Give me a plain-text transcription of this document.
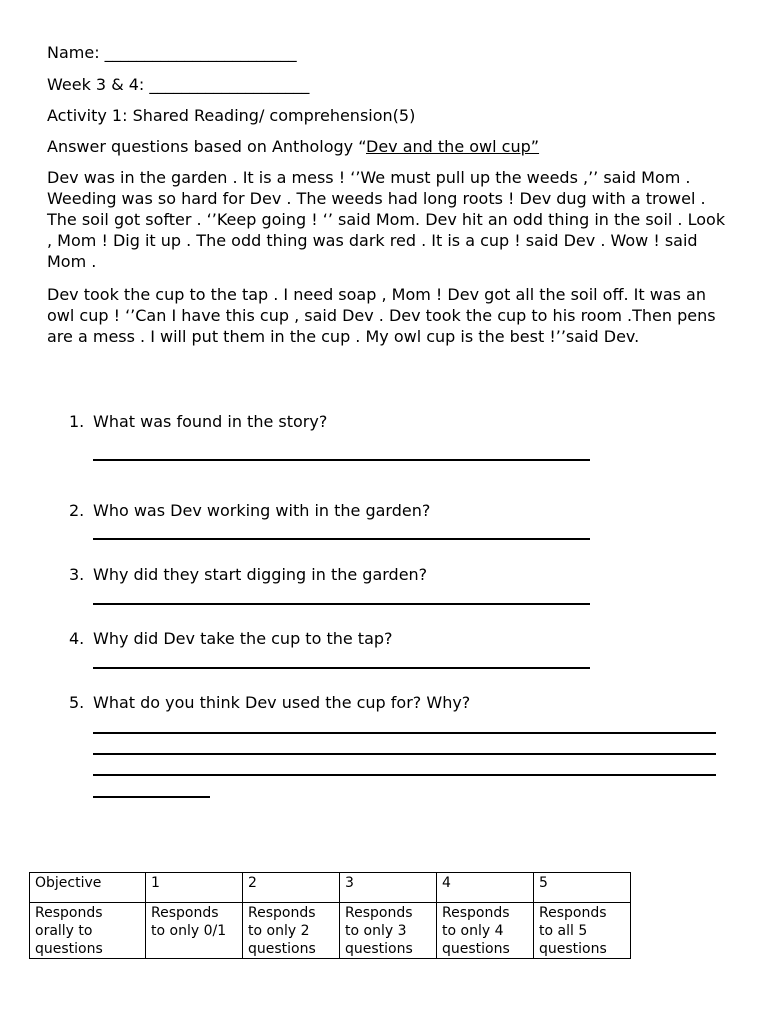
Name: ________________________
Week 3 & 4: ____________________
Activity 1: Shared Reading/ comprehension(5)
Answer questions based on Anthology “Dev and the owl cup”
Dev was in the garden . It is a mess ! ‘’We must pull up the weeds ,’’ said Mom . Weeding was so hard for Dev . The weeds had long roots ! Dev dug with a trowel . The soil got softer . ‘’Keep going ! ‘’ said Mom. Dev hit an odd thing in the soil . Look , Mom ! Dig it up . The odd thing was dark red . It is a cup ! said Dev . Wow ! said Mom .
Dev took the cup to the tap . I need soap , Mom ! Dev got all the soil off. It was an owl cup ! ‘’Can I have this cup , said Dev . Dev took the cup to his room .Then pens are a mess . I will put them in the cup . My owl cup is the best !’’said Dev.
1. What was found in the story?
2. Who was Dev working with in the garden?
3. Why did they start digging in the garden?
4. Why did Dev take the cup to the tap?
5. What do you think Dev used the cup for? Why?
Objective	1	2	3	4	5
Responds orally to questions	Responds to only 0/1	Responds to only 2 questions	Responds to only 3 questions	Responds to only 4 questions	Responds to all 5 questions
